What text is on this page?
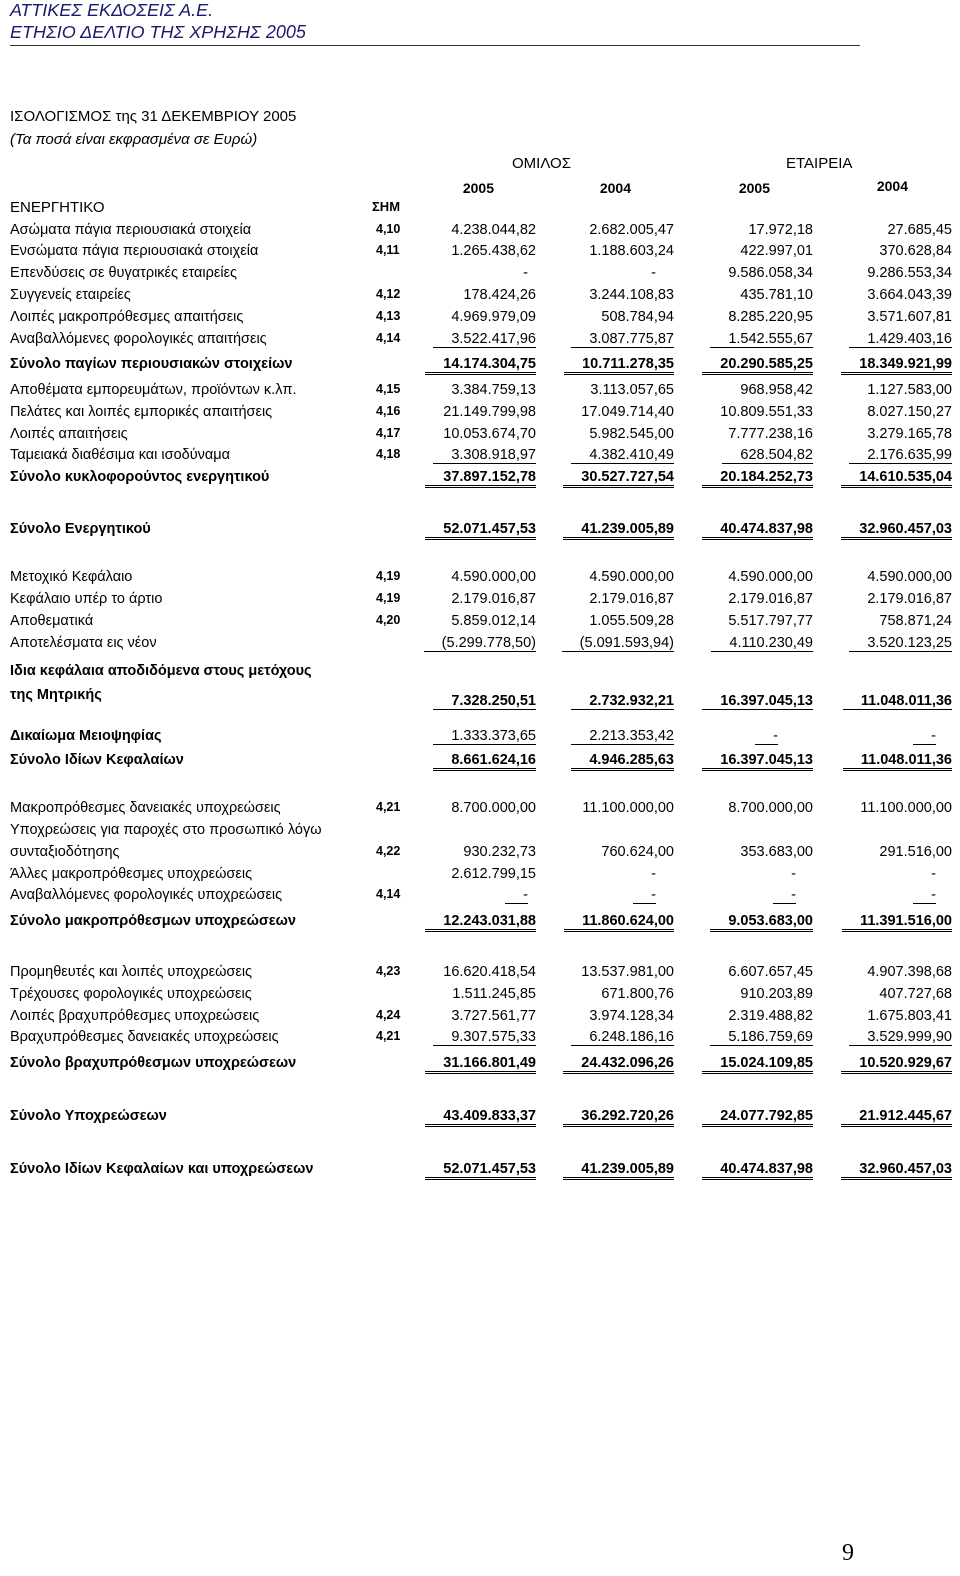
ΑΤΤΙΚΕΣ ΕΚΔΟΣΕΙΣ Α.Ε.
ΕΤΗΣΙΟ ΔΕΛΤΙΟ ΤΗΣ ΧΡΗΣΗΣ 2005
ΙΣΟΛΟΓΙΣΜΟΣ της 31 ΔΕΚΕΜΒΡΙΟΥ 2005
(Τα ποσά είναι εκφρασμένα σε Ευρώ)
ΟΜΙΛΟΣ	ΕΤΑΙΡΕΙΑ
2005	2004	2005	2004
ΕΝΕΡΓΗΤΙΚΟ	ΣΗΜ
Ασώματα πάγια περιουσιακά στοιχεία	4,10	4.238.044,82	2.682.005,47	17.972,18	27.685,45
Ενσώματα πάγια περιουσιακά στοιχεία	4,11	1.265.438,62	1.188.603,24	422.997,01	370.628,84
Επενδύσεις σε θυγατρικές εταιρείες	-	-	9.586.058,34	9.286.553,34
Συγγενείς εταιρείες	4,12	178.424,26	3.244.108,83	435.781,10	3.664.043,39
Λοιπές μακροπρόθεσμες απαιτήσεις	4,13	4.969.979,09	508.784,94	8.285.220,95	3.571.607,81
Αναβαλλόμενες φορολογικές απαιτήσεις	4,14	3.522.417,96	3.087.775,87	1.542.555,67	1.429.403,16
Σύνολο παγίων περιουσιακών στοιχείων	14.174.304,75	10.711.278,35	20.290.585,25	18.349.921,99
Αποθέματα εμπορευμάτων, προϊόντων κ.λπ.	4,15	3.384.759,13	3.113.057,65	968.958,42	1.127.583,00
Πελάτες και λοιπές εμπορικές απαιτήσεις	4,16	21.149.799,98	17.049.714,40	10.809.551,33	8.027.150,27
Λοιπές απαιτήσεις	4,17	10.053.674,70	5.982.545,00	7.777.238,16	3.279.165,78
Ταμειακά διαθέσιμα και ισοδύναμα	4,18	3.308.918,97	4.382.410,49	628.504,82	2.176.635,99
Σύνολο κυκλοφορούντος ενεργητικού	37.897.152,78	30.527.727,54	20.184.252,73	14.610.535,04
Σύνολο Ενεργητικού	52.071.457,53	41.239.005,89	40.474.837,98	32.960.457,03
Μετοχικό Κεφάλαιο	4,19	4.590.000,00	4.590.000,00	4.590.000,00	4.590.000,00
Κεφάλαιο υπέρ το άρτιο	4,19	2.179.016,87	2.179.016,87	2.179.016,87	2.179.016,87
Αποθεματικά	4,20	5.859.012,14	1.055.509,28	5.517.797,77	758.871,24
Αποτελέσματα εις νέον	(5.299.778,50)	(5.091.593,94)	4.110.230,49	3.520.123,25
Ιδια κεφάλαια αποδιδόμενα στους μετόχους
της Μητρικής	7.328.250,51	2.732.932,21	16.397.045,13	11.048.011,36
Δικαίωμα Μειοψηφίας	1.333.373,65	2.213.353,42	-	-
Σύνολο Ιδίων Κεφαλαίων	8.661.624,16	4.946.285,63	16.397.045,13	11.048.011,36
Μακροπρόθεσμες δανειακές υποχρεώσεις	4,21	8.700.000,00	11.100.000,00	8.700.000,00	11.100.000,00
Υποχρεώσεις για παροχές στο προσωπικό λόγω
συνταξιοδότησης	4,22	930.232,73	760.624,00	353.683,00	291.516,00
Άλλες μακροπρόθεσμες υποχρεώσεις	2.612.799,15	-	-	-
Αναβαλλόμενες φορολογικές υποχρεώσεις	4,14	-	-	-	-
Σύνολο μακροπρόθεσμων υποχρεώσεων	12.243.031,88	11.860.624,00	9.053.683,00	11.391.516,00
Προμηθευτές και λοιπές υποχρεώσεις	4,23	16.620.418,54	13.537.981,00	6.607.657,45	4.907.398,68
Τρέχουσες φορολογικές υποχρεώσεις	1.511.245,85	671.800,76	910.203,89	407.727,68
Λοιπές βραχυπρόθεσμες υποχρεώσεις	4,24	3.727.561,77	3.974.128,34	2.319.488,82	1.675.803,41
Βραχυπρόθεσμες δανειακές υποχρεώσεις	4,21	9.307.575,33	6.248.186,16	5.186.759,69	3.529.999,90
Σύνολο βραχυπρόθεσμων υποχρεώσεων	31.166.801,49	24.432.096,26	15.024.109,85	10.520.929,67
Σύνολο Υποχρεώσεων	43.409.833,37	36.292.720,26	24.077.792,85	21.912.445,67
Σύνολο Ιδίων Κεφαλαίων και υποχρεώσεων	52.071.457,53	41.239.005,89	40.474.837,98	32.960.457,03
9
